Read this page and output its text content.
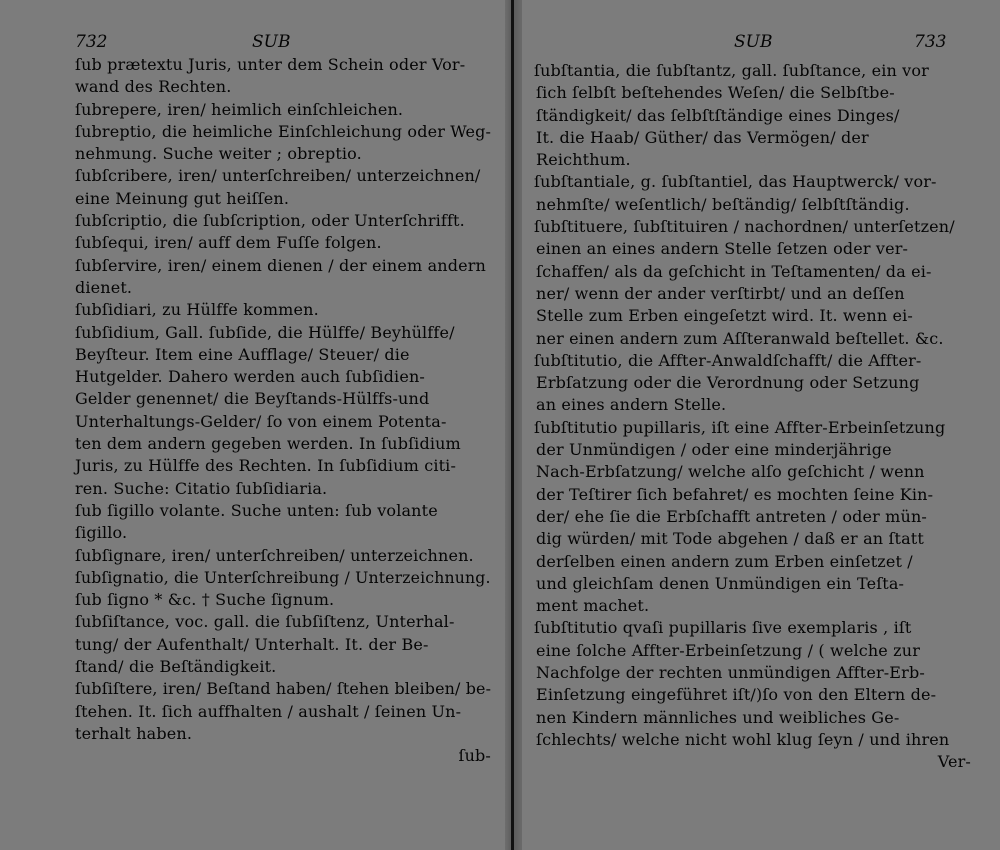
732	SUB

ſub prætextu Juris, unter dem Schein oder Vor-
wand des Rechten.

ſubrepere, iren/ heimlich einſchleichen.

ſubreptio, die heimliche Einſchleichung oder Weg-
nehmung. Suche weiter ; obreptio.

ſubſcribere, iren/ unterſchreiben/ unterzeichnen/
eine Meinung gut heiſſen.

ſubſcriptio, die ſubſcription, oder Unterſchrifft.

ſubſequi, iren/ auff dem Fuſſe folgen.

ſubſervire, iren/ einem dienen / der einem andern
dienet.

ſubſidiari, zu Hülffe kommen.

ſubſidium, Gall. ſubſide, die Hülffe/ Beyhülffe/
Beyſteur. Item eine Aufflage/ Steuer/ die
Hutgelder. Dahero werden auch ſubſidien-
Gelder genennet/ die Beyſtands-Hülffs-und
Unterhaltungs-Gelder/ ſo von einem Potenta-
ten dem andern gegeben werden. In ſubſidium
Juris, zu Hülffe des Rechten. In ſubſidium citi-
ren. Suche: Citatio ſubſidiaria.

ſub ſigillo volante. Suche unten: ſub volante
ſigillo.

ſubſignare, iren/ unterſchreiben/ unterzeichnen.

ſubſignatio, die Unterſchreibung / Unterzeichnung.

ſub ſigno * &c. † Suche ſignum.

ſubſiſtance, voc. gall. die ſubſiſtenz, Unterhal-
tung/ der Aufenthalt/ Unterhalt. It. der Be-
ſtand/ die Beſtändigkeit.

ſubſiſtere, iren/ Beſtand haben/ ſtehen bleiben/ be-
ſtehen. It. ſich auffhalten / aushalt / ſeinen Un-
terhalt haben.

ſub-
SUB	733

ſubſtantia, die ſubſtantz, gall. ſubſtance, ein vor
ſich ſelbſt beſtehendes Weſen/ die Selbſtbe-
ſtändigkeit/ das ſelbſtſtändige eines Dinges/
It. die Haab/ Güther/ das Vermögen/ der
Reichthum.

ſubſtantiale, g. ſubſtantiel, das Hauptwerck/ vor-
nehmſte/ weſentlich/ beſtändig/ ſelbſtſtändig.

ſubſtituere, ſubſtituiren / nachordnen/ unterſetzen/
einen an eines andern Stelle ſetzen oder ver-
ſchaffen/ als da geſchicht in Teſtamenten/ da ei-
ner/ wenn der ander verſtirbt/ und an deſſen
Stelle zum Erben eingeſetzt wird. It. wenn ei-
ner einen andern zum Aſſteranwald beſtellet. &c.

ſubſtitutio, die Affter-Anwaldſchafft/ die Affter-
Erbſatzung oder die Verordnung oder Setzung
an eines andern Stelle.

ſubſtitutio pupillaris, iſt eine Affter-Erbeinſetzung
der Unmündigen / oder eine minderjährige
Nach-Erbſatzung/ welche alſo geſchicht / wenn
der Teſtirer ſich befahret/ es mochten ſeine Kin-
der/ ehe ſie die Erbſchafft antreten / oder mün-
dig würden/ mit Tode abgehen / daß er an ſtatt
derſelben einen andern zum Erben einſetzet /
und gleichſam denen Unmündigen ein Teſta-
ment machet.

ſubſtitutio qvaſi pupillaris ſive exemplaris , iſt
eine ſolche Affter-Erbeinſetzung / ( welche zur
Nachfolge der rechten unmündigen Affter-Erb-
Einſetzung eingeführet iſt/)ſo von den Eltern de-
nen Kindern männliches und weibliches Ge-
ſchlechts/ welche nicht wohl klug ſeyn / und ihren

Ver-
